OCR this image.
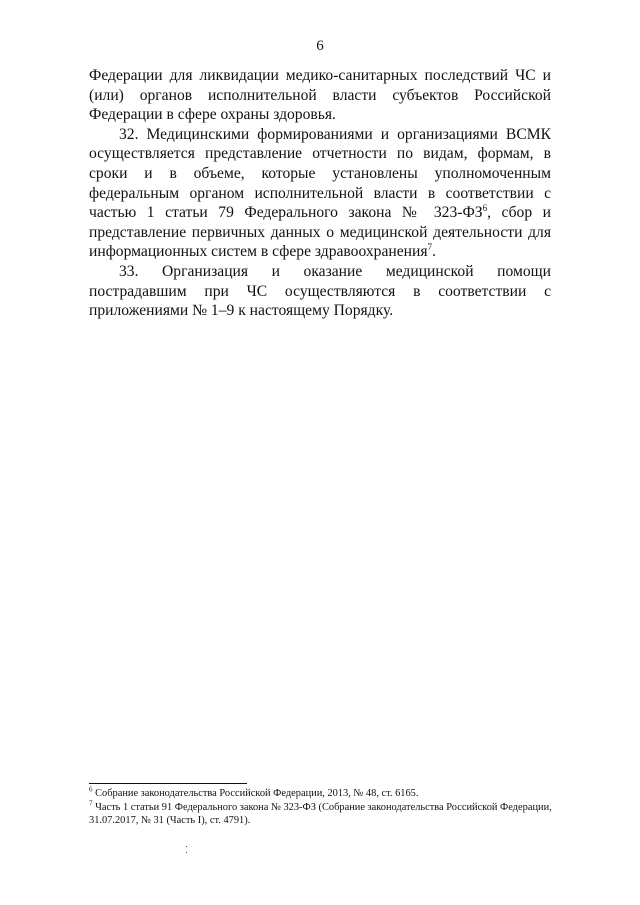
6

Федерации для ликвидации медико-санитарных последствий ЧС и (или) органов исполнительной власти субъектов Российской Федерации в сфере охраны здоровья.

32. Медицинскими формированиями и организациями ВСМК осуществляется представление отчетности по видам, формам, в сроки и в объеме, которые установлены уполномоченным федеральным органом исполнительной власти в соответствии с частью 1 статьи 79 Федерального закона № $323-ФЗ^6$, сбор и представление первичных данных о медицинской деятельности для информационных систем в сфере здравоохранения$^7$.

33. Организация и оказание медицинской помощи пострадавшим при ЧС осуществляются в соответствии с приложениями № 1–9 к настоящему Порядку.

$^6$ Собрание законодательства Российской Федерации, 2013, № 48, ст. 6165.

$^7$ Часть 1 статьи 91 Федерального закона № 323-ФЗ (Собрание законодательства Российской Федерации, 31.07.2017, № 31 (Часть I), ст. 4791).
